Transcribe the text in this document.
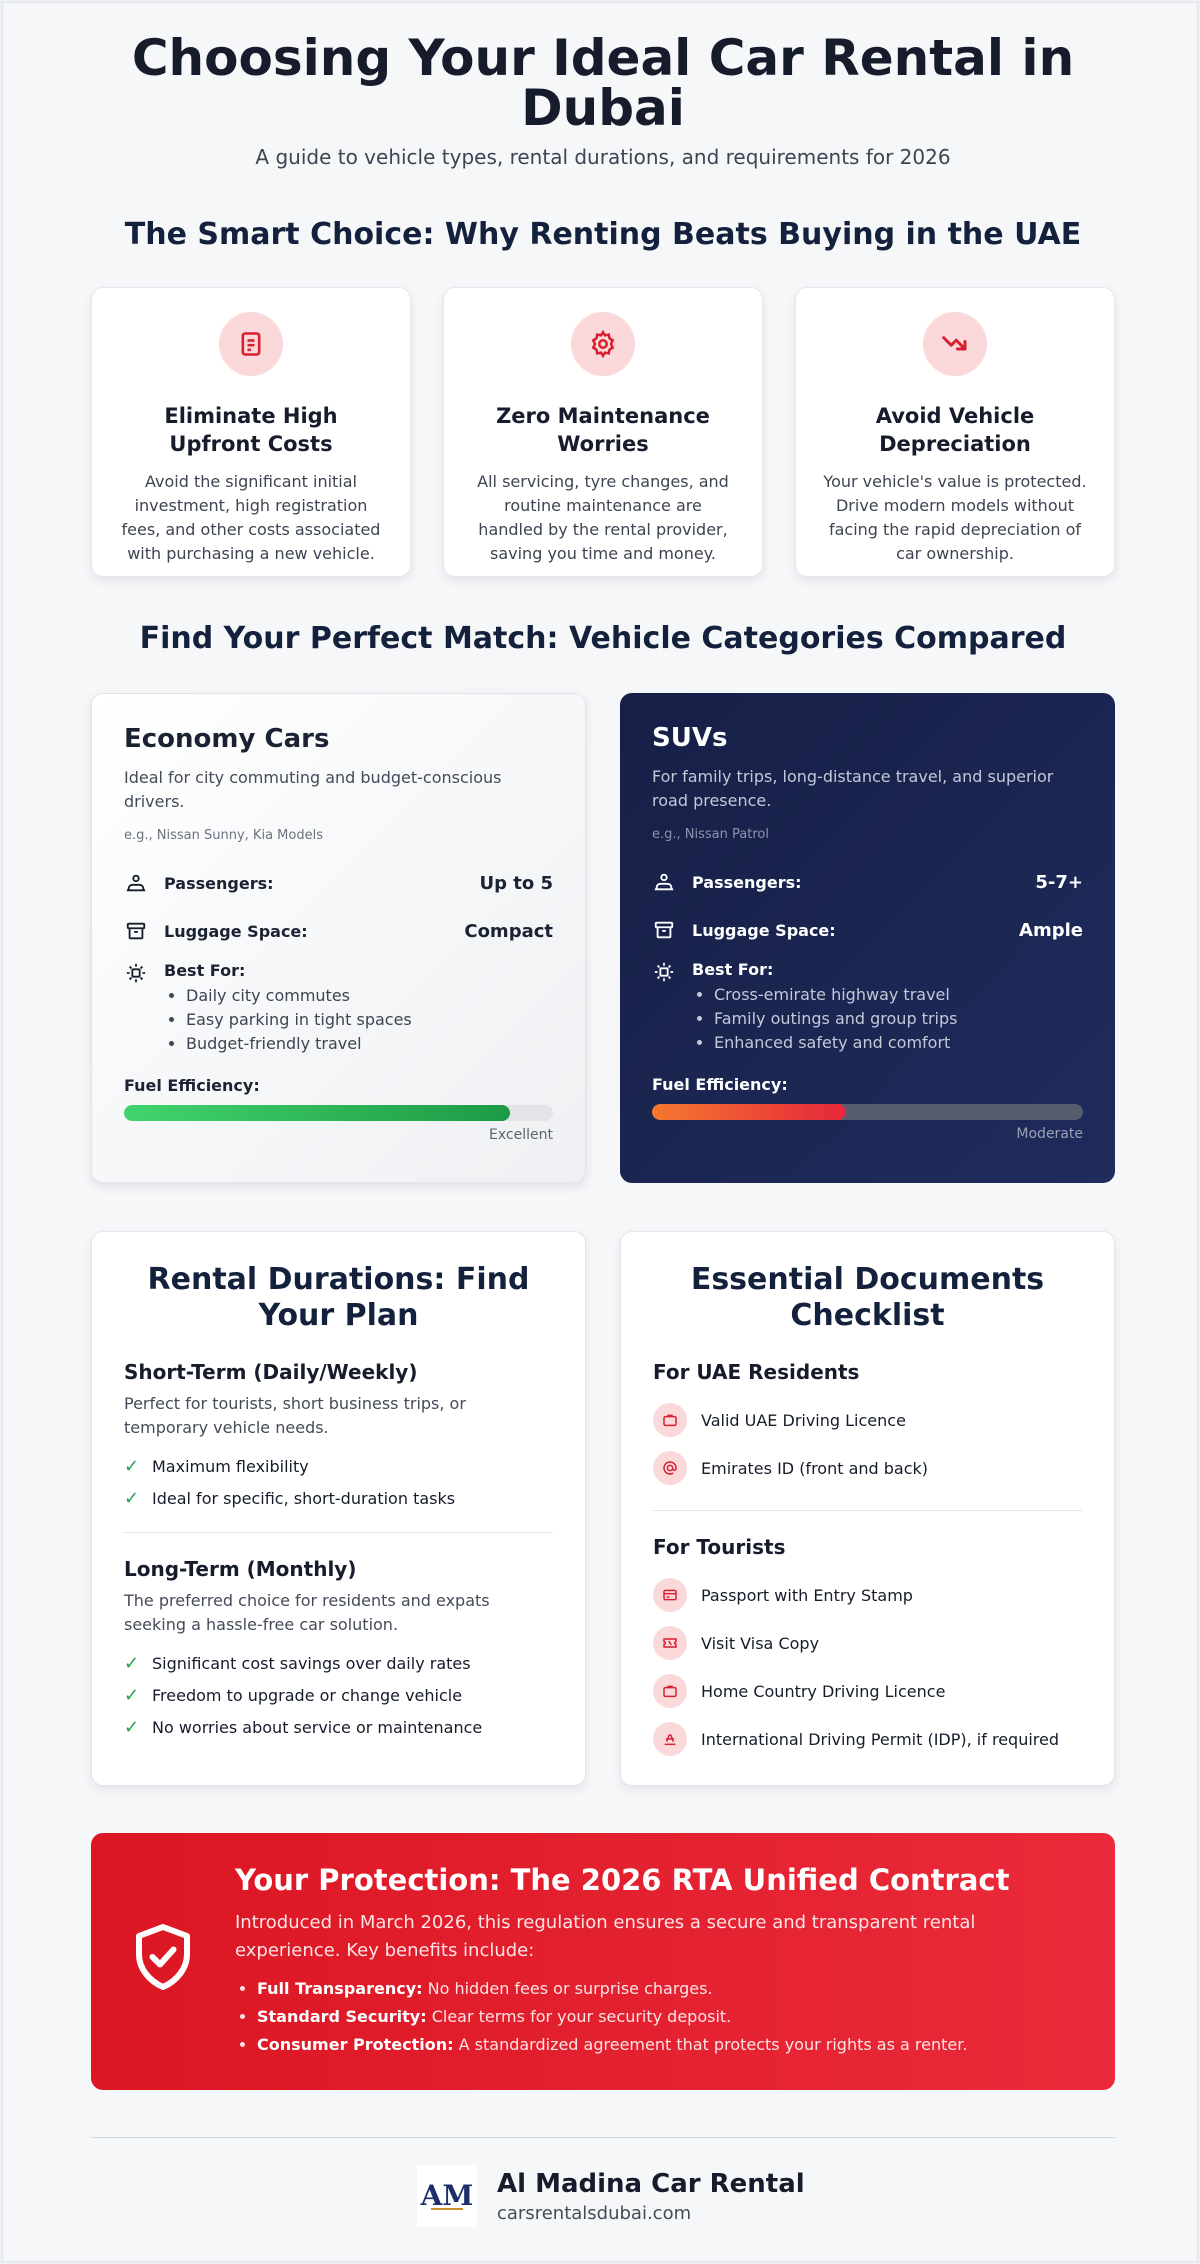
Choosing Your Ideal Car Rental in Dubai
A guide to vehicle types, rental durations, and requirements for 2026
The Smart Choice: Why Renting Beats Buying in the UAE
Eliminate High Upfront Costs
Avoid the significant initial investment, high registration fees, and other costs associated with purchasing a new vehicle.
Zero Maintenance Worries
All servicing, tyre changes, and routine maintenance are handled by the rental provider, saving you time and money.
Avoid Vehicle Depreciation
Your vehicle's value is protected. Drive modern models without facing the rapid depreciation of car ownership.
Find Your Perfect Match: Vehicle Categories Compared
Economy Cars
Ideal for city commuting and budget-conscious drivers.
e.g., Nissan Sunny, Kia Models
Passengers:	Up to 5
Luggage Space:	Compact
Best For:
• Daily city commutes
• Easy parking in tight spaces
• Budget-friendly travel
Fuel Efficiency:
Excellent
SUVs
For family trips, long-distance travel, and superior road presence.
e.g., Nissan Patrol
Passengers:	5-7+
Luggage Space:	Ample
Best For:
• Cross-emirate highway travel
• Family outings and group trips
• Enhanced safety and comfort
Fuel Efficiency:
Moderate
Rental Durations: Find Your Plan
Short-Term (Daily/Weekly)
Perfect for tourists, short business trips, or temporary vehicle needs.
✓ Maximum flexibility
✓ Ideal for specific, short-duration tasks
Long-Term (Monthly)
The preferred choice for residents and expats seeking a hassle-free car solution.
✓ Significant cost savings over daily rates
✓ Freedom to upgrade or change vehicle
✓ No worries about service or maintenance
Essential Documents Checklist
For UAE Residents
Valid UAE Driving Licence
Emirates ID (front and back)
For Tourists
Passport with Entry Stamp
Visit Visa Copy
Home Country Driving Licence
International Driving Permit (IDP), if required
Your Protection: The 2026 RTA Unified Contract
Introduced in March 2026, this regulation ensures a secure and transparent rental experience. Key benefits include:
• Full Transparency: No hidden fees or surprise charges.
• Standard Security: Clear terms for your security deposit.
• Consumer Protection: A standardized agreement that protects your rights as a renter.
AM Al Madina Car Rental
carsrentalsdubai.com
